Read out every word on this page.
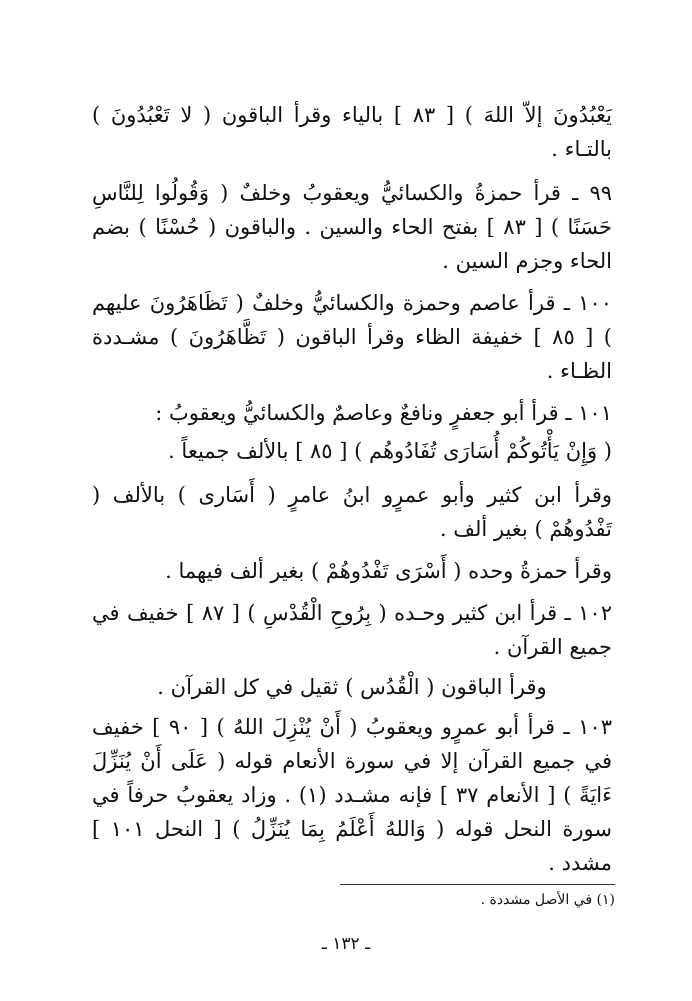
يَعْبُدُونَ إلاّ اللهَ ) [ ٨٣ ] بالياء وقرأ الباقون ( لا تَعْبُدُونَ ) بالتـاء .

٩٩ ـ قرأ حمزةُ والكسائيُّ ويعقوبُ وخلفٌ ( وَقُولُوا لِلنَّاسِ حَسَنًا ) [ ٨٣ ] بفتح الحاء والسين . والباقون ( حُسْنًا ) بضم الحاء وجزم السين .

١٠٠ ـ قرأ عاصم وحمزة والكسائيُّ وخلفٌ ( تَظَاهَرُونَ عليهم ) [ ٨٥ ] خفيفة الظاء وقرأ الباقون ( تَظَّاهَرُونَ ) مشـددة الظـاء .

١٠١ ـ قرأ أبو جعفرٍ ونافعٌ وعاصمٌ والكسائيُّ ويعقوبُ :

( وَإِنْ يَأْتُوكُمْ أُسَارَى تُفَادُوهُم ) [ ٨٥ ] بالألف جميعاً .

وقرأ ابن كثير وأبو عمرٍو ابنُ عامرٍ ( أَسَارى ) بالألف ( تَفْدُوهُمْ ) بغير ألف .

وقرأ حمزةُ وحده ( أَسْرَى تَفْدُوهُمْ ) بغير ألف فيهما .

١٠٢ ـ قرأ ابن كثير وحـده ( بِرُوحِ الْقُدْسِ ) [ ٨٧ ] خفيف في جميع القرآن .

وقرأ الباقون ( الْقُدُس ) ثقيل في كل القرآن .

١٠٣ ـ قرأ أبو عمرٍو ويعقوبُ ( أَنْ يُنْزِلَ اللهُ ) [ ٩٠ ] خفيف في جميع القرآن إلا في سورة الأنعام قوله ( عَلَى أَنْ يُنَزِّلَ ءَايَةً ) [ الأنعام ٣٧ ] فإنه مشـدد (١) . وزاد يعقوبُ حرفاً في سورة النحل قوله ( وَاللهُ أَعْلَمُ بِمَا يُنَزِّلُ ) [ النحل ١٠١ ] مشدد .

(١) في الأصل مشددة .
ـ ١٣٢ ـ
